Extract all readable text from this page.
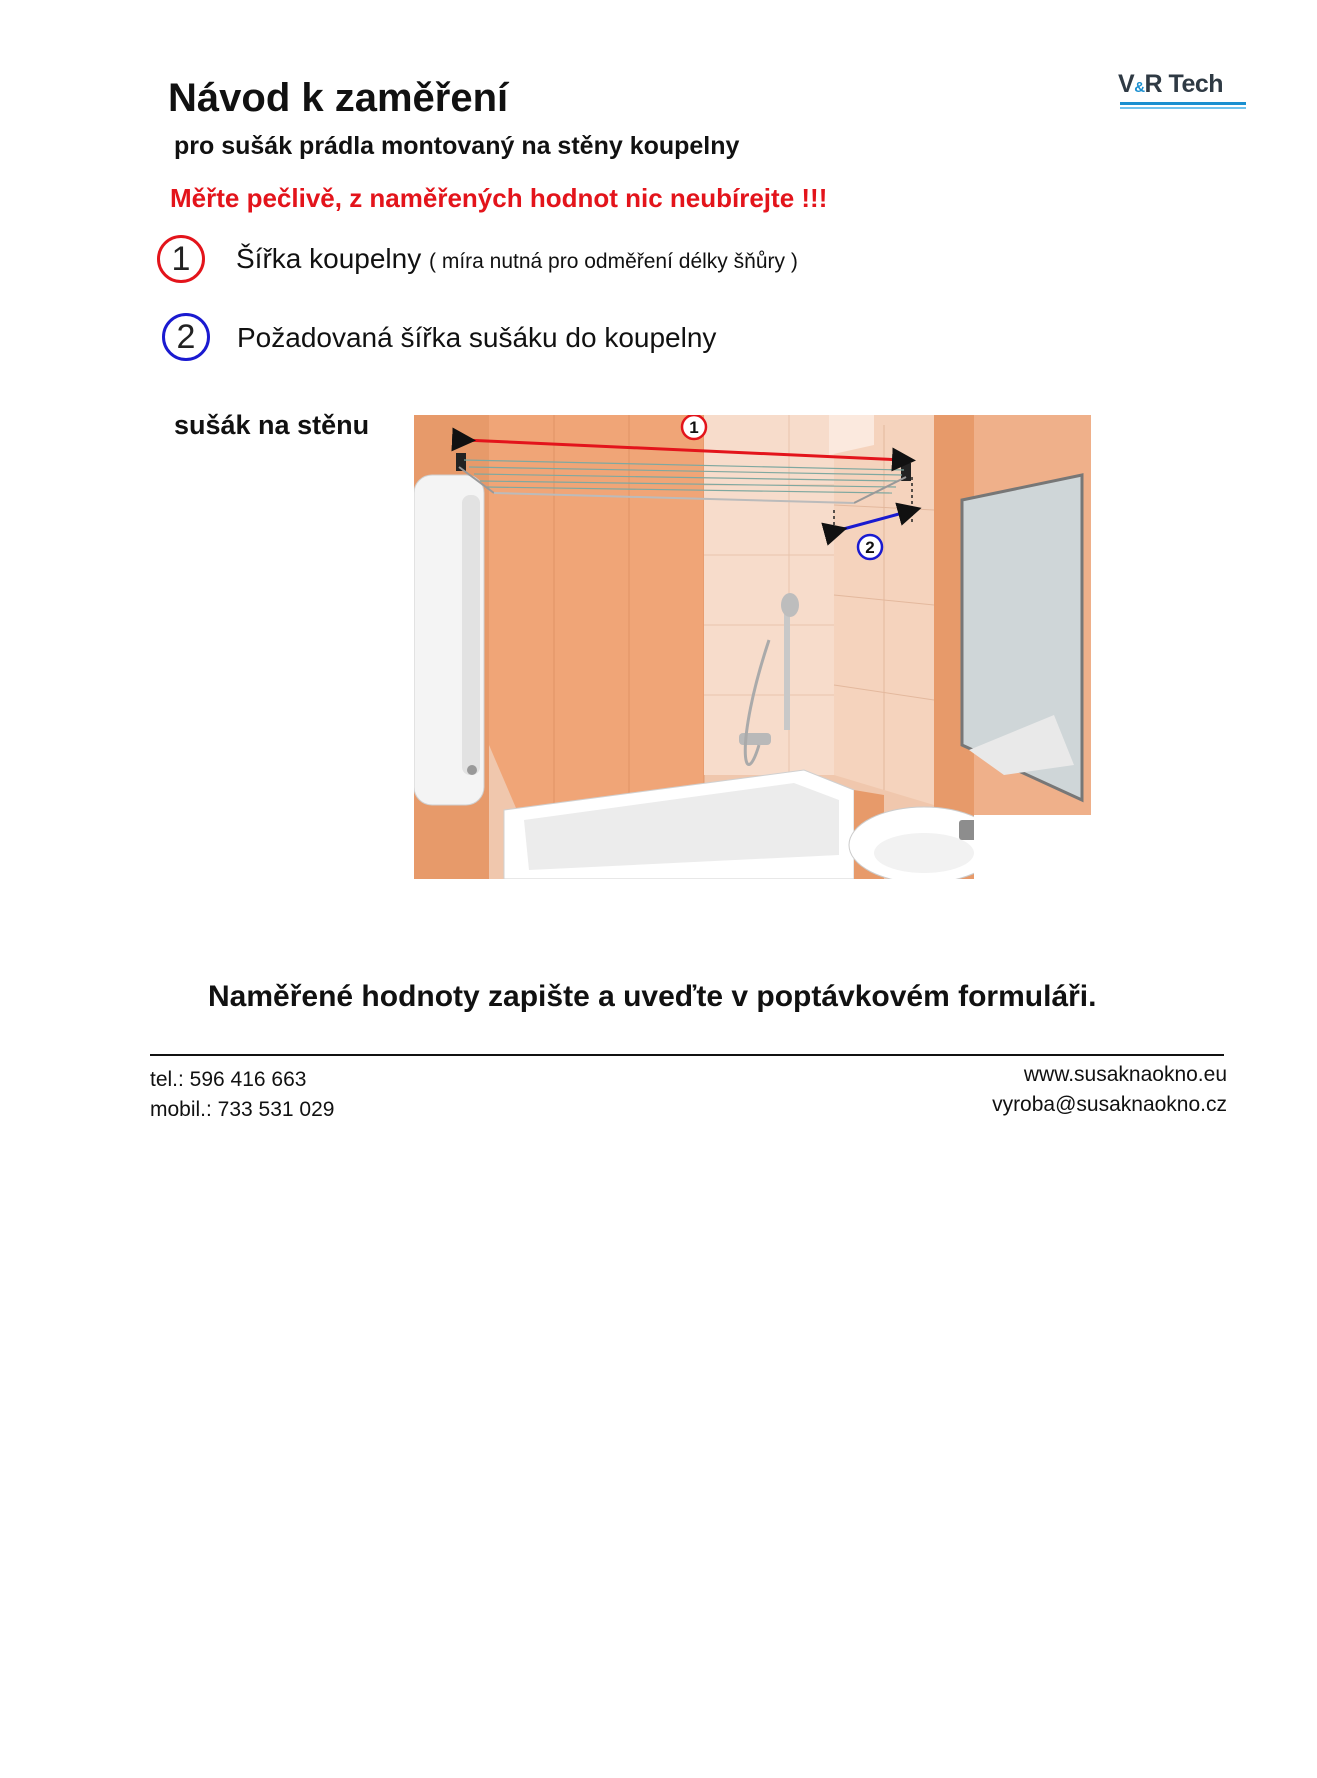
Návod k zaměření
pro sušák prádla montovaný na stěny koupelny
Měřte pečlivě, z naměřených hodnot nic neubírejte !!!
V&R Tech
1 Šířka koupelny ( míra nutná pro odměření délky šňůry )
2 Požadovaná šířka sušáku do koupelny
sušák na stěnu	1
2
Naměřené hodnoty zapište a uveďte v poptávkovém formuláři.
tel.: 596 416 663
mobil.: 733 531 029
www.susaknaokno.eu
vyroba@susaknaokno.cz
